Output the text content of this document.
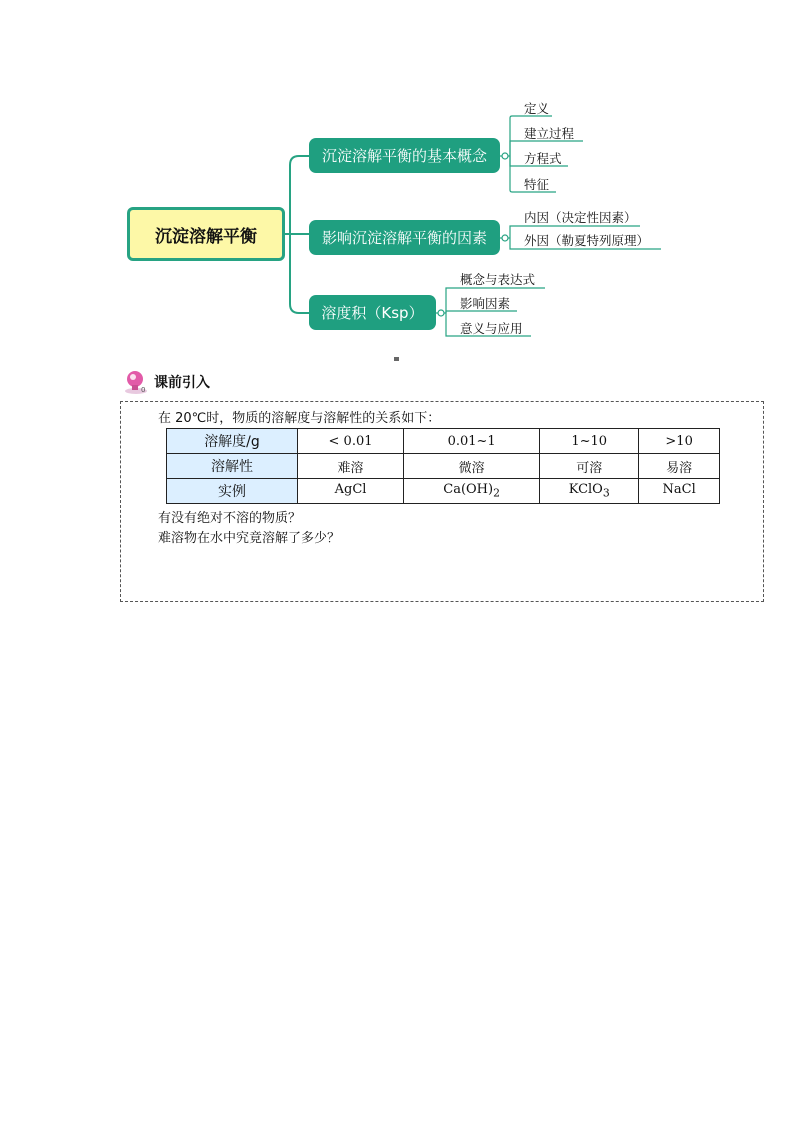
沉淀溶解平衡
沉淀溶解平衡的基本概念
影响沉淀溶解平衡的因素
溶度积（Ksp）
定义
建立过程
方程式
特征
内因（决定性因素）
外因（勒夏特列原理）
概念与表达式
影响因素
意义与应用
0 课前引入
在 20℃时，物质的溶解度与溶解性的关系如下：
溶解度/g	< 0.01	0.01~1	1~10	>10
溶解性	难溶	微溶	可溶	易溶
实例	AgCl	$Ca(OH)_2$	KClO$_3$	NaCl
有没有绝对不溶的物质？
难溶物在水中究竟溶解了多少？
